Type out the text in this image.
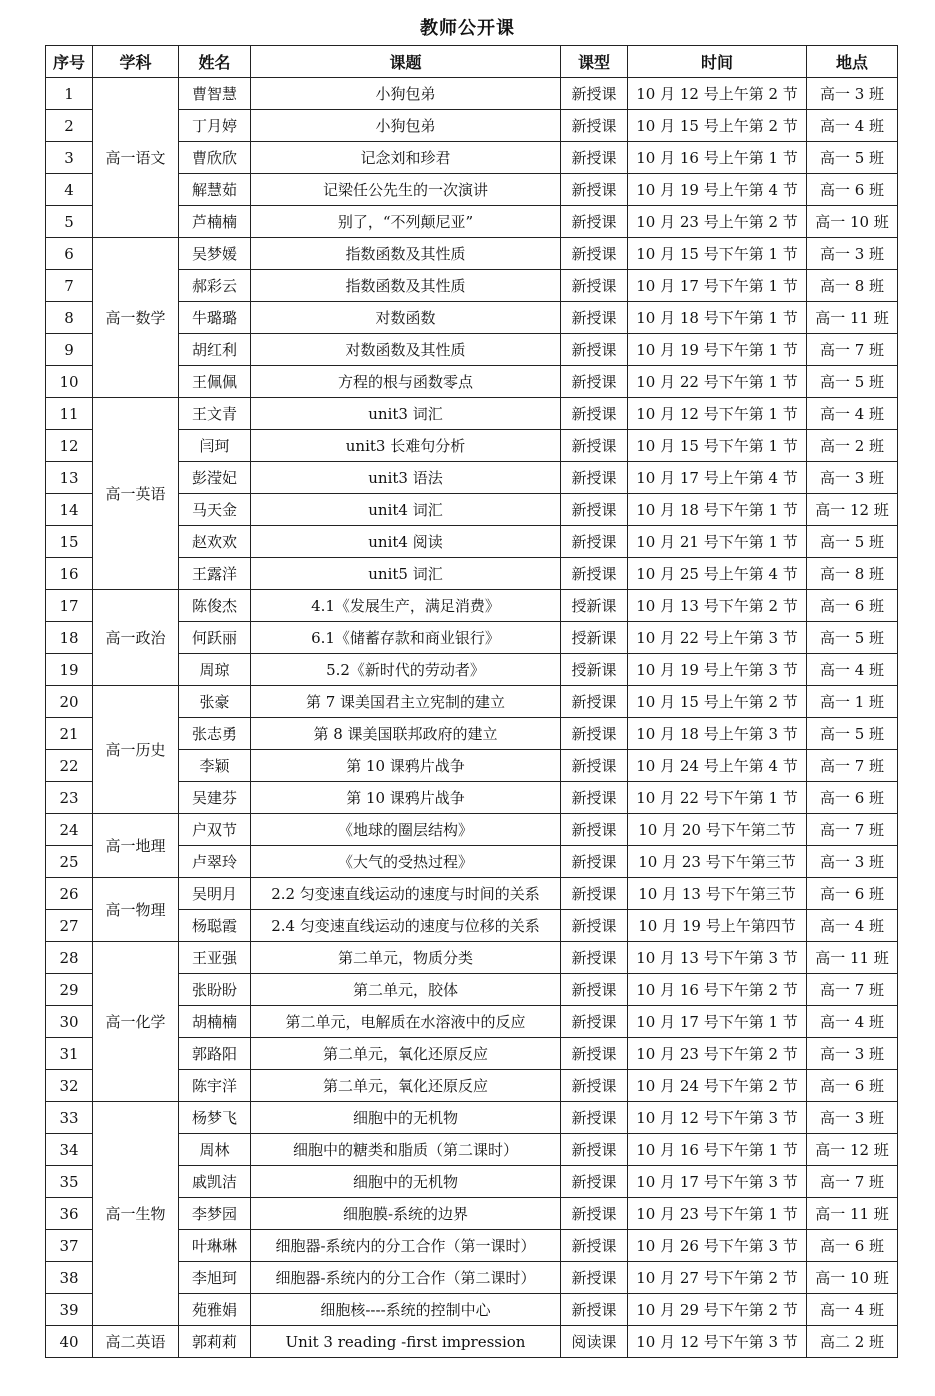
教师公开课
序号	学科	姓名	课题	课型	时间	地点
1	高一语文	曹智慧	小狗包弟	新授课	10 月 12 号上午第 2 节	高一 3 班
2		丁月婷	小狗包弟	新授课	10 月 15 号上午第 2 节	高一 4 班
3		曹欣欣	记念刘和珍君	新授课	10 月 16 号上午第 1 节	高一 5 班
4		解慧茹	记梁任公先生的一次演讲	新授课	10 月 19 号上午第 4 节	高一 6 班
5		芦楠楠	别了，“不列颠尼亚”	新授课	10 月 23 号上午第 2 节	高一 10 班
6	高一数学	吴梦媛	指数函数及其性质	新授课	10 月 15 号下午第 1 节	高一 3 班
7		郝彩云	指数函数及其性质	新授课	10 月 17 号下午第 1 节	高一 8 班
8		牛璐璐	对数函数	新授课	10 月 18 号下午第 1 节	高一 11 班
9		胡红利	对数函数及其性质	新授课	10 月 19 号下午第 1 节	高一 7 班
10		王佩佩	方程的根与函数零点	新授课	10 月 22 号下午第 1 节	高一 5 班
11	高一英语	王文青	unit3 词汇	新授课	10 月 12 号下午第 1 节	高一 4 班
12		闫珂	unit3 长难句分析	新授课	10 月 15 号下午第 1 节	高一 2 班
13		彭滢妃	unit3 语法	新授课	10 月 17 号上午第 4 节	高一 3 班
14		马天金	unit4 词汇	新授课	10 月 18 号下午第 1 节	高一 12 班
15		赵欢欢	unit4 阅读	新授课	10 月 21 号下午第 1 节	高一 5 班
16		王露洋	unit5 词汇	新授课	10 月 25 号上午第 4 节	高一 8 班
17	高一政治	陈俊杰	4.1《发展生产，满足消费》	授新课	10 月 13 号下午第 2 节	高一 6 班
18		何跃丽	6.1《储蓄存款和商业银行》	授新课	10 月 22 号上午第 3 节	高一 5 班
19		周琼	5.2《新时代的劳动者》	授新课	10 月 19 号上午第 3 节	高一 4 班
20	高一历史	张豪	第 7 课美国君主立宪制的建立	新授课	10 月 15 号上午第 2 节	高一 1 班
21		张志勇	第 8 课美国联邦政府的建立	新授课	10 月 18 号上午第 3 节	高一 5 班
22		李颖	第 10 课鸦片战争	新授课	10 月 24 号上午第 4 节	高一 7 班
23		吴建芬	第 10 课鸦片战争	新授课	10 月 22 号下午第 1 节	高一 6 班
24	高一地理	户双节	《地球的圈层结构》	新授课	10 月 20 号下午第二节	高一 7 班
25		卢翠玲	《大气的受热过程》	新授课	10 月 23 号下午第三节	高一 3 班
26	高一物理	吴明月	2.2 匀变速直线运动的速度与时间的关系	新授课	10 月 13 号下午第三节	高一 6 班
27		杨聪霞	2.4 匀变速直线运动的速度与位移的关系	新授课	10 月 19 号上午第四节	高一 4 班
28	高一化学	王亚强	第二单元，物质分类	新授课	10 月 13 号下午第 3 节	高一 11 班
29		张盼盼	第二单元，胶体	新授课	10 月 16 号下午第 2 节	高一 7 班
30		胡楠楠	第二单元，电解质在水溶液中的反应	新授课	10 月 17 号下午第 1 节	高一 4 班
31		郭路阳	第二单元，氧化还原反应	新授课	10 月 23 号下午第 2 节	高一 3 班
32		陈宇洋	第二单元，氧化还原反应	新授课	10 月 24 号下午第 2 节	高一 6 班
33	高一生物	杨梦飞	细胞中的无机物	新授课	10 月 12 号下午第 3 节	高一 3 班
34		周林	细胞中的糖类和脂质（第二课时）	新授课	10 月 16 号下午第 1 节	高一 12 班
35		戚凯洁	细胞中的无机物	新授课	10 月 17 号下午第 3 节	高一 7 班
36		李梦园	细胞膜-系统的边界	新授课	10 月 23 号下午第 1 节	高一 11 班
37		叶琳琳	细胞器-系统内的分工合作（第一课时）	新授课	10 月 26 号下午第 3 节	高一 6 班
38		李旭珂	细胞器-系统内的分工合作（第二课时）	新授课	10 月 27 号下午第 2 节	高一 10 班
39		苑雅娟	细胞核----系统的控制中心	新授课	10 月 29 号下午第 2 节	高一 4 班
40	高二英语	郭莉莉	Unit 3 reading -first impression	阅读课	10 月 12 号下午第 3 节	高二 2 班
